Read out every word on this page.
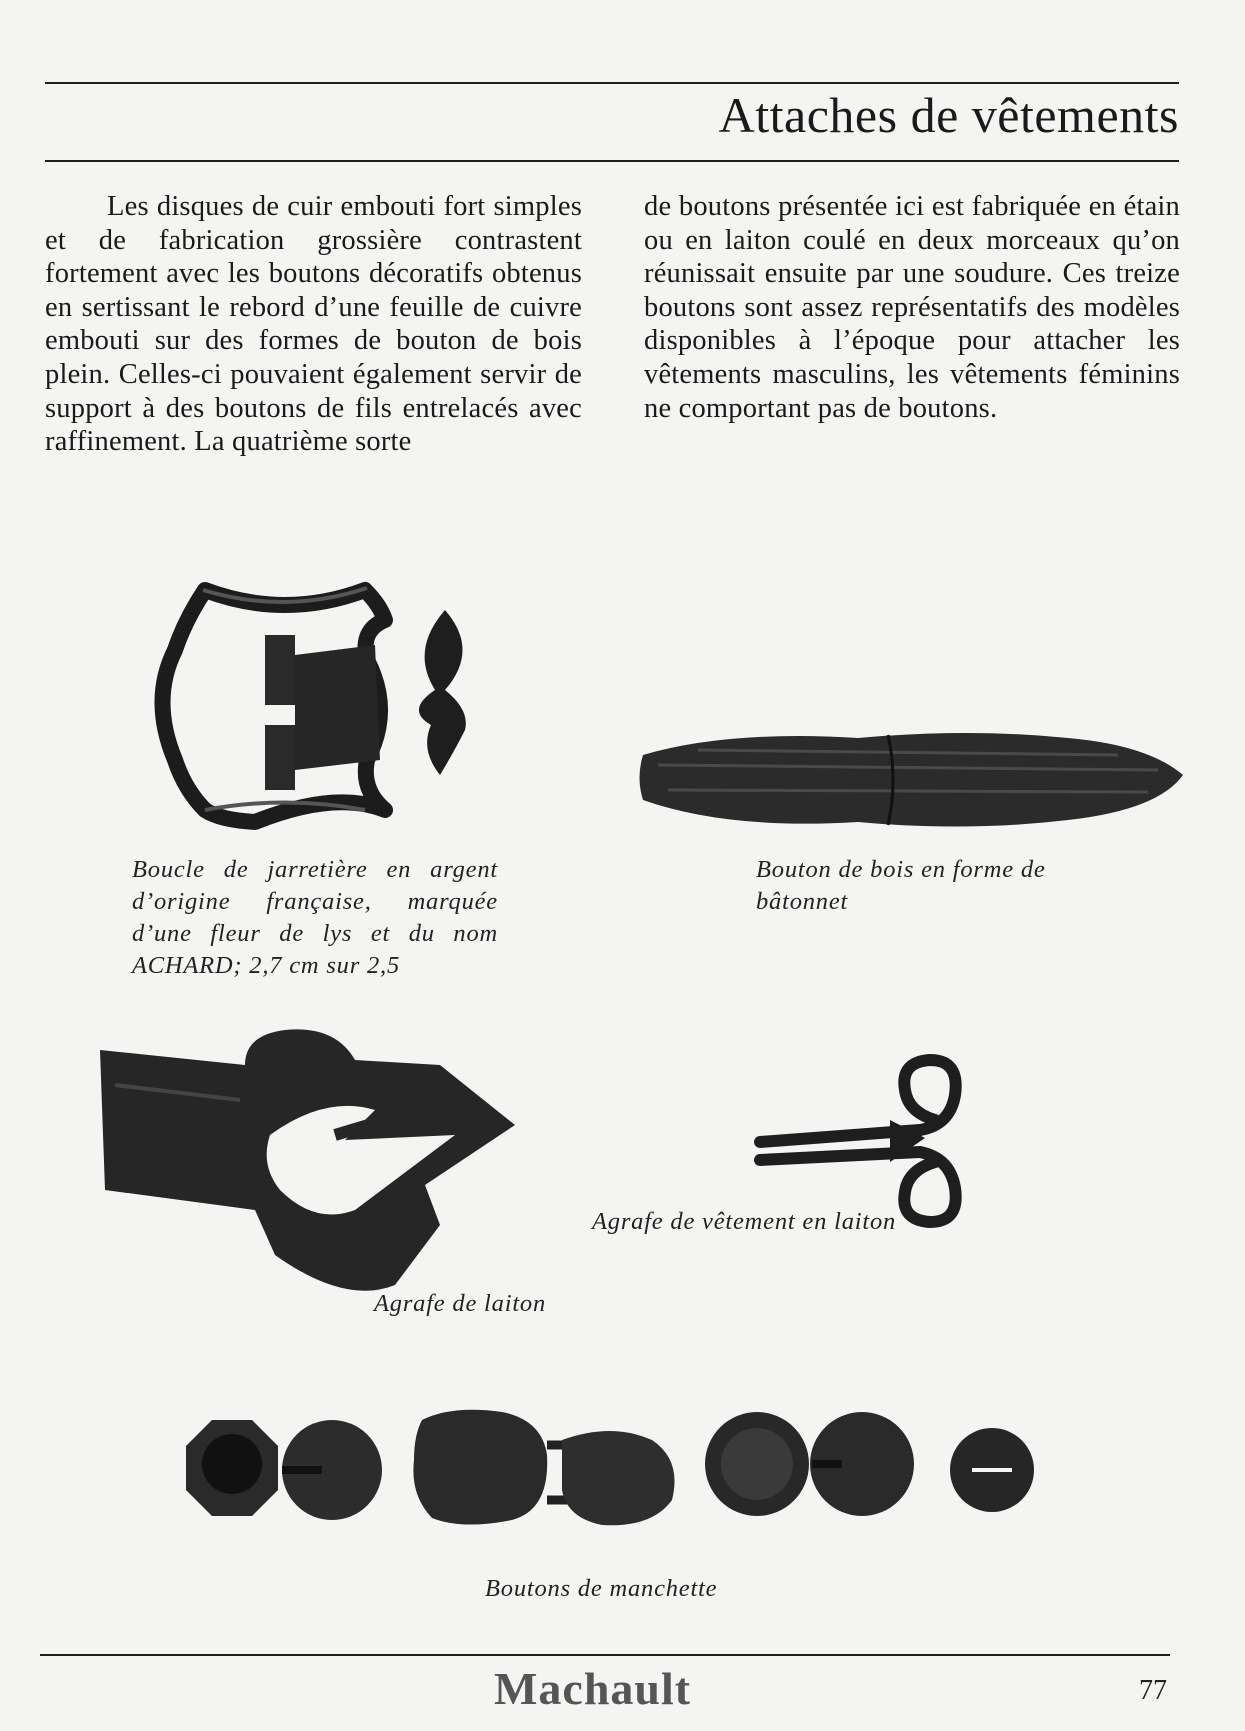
Attaches de vêtements

Les disques de cuir embouti fort simples et de fabrication grossière contrastent fortement avec les boutons décoratifs obtenus en sertissant le rebord d’une feuille de cuivre embouti sur des formes de bouton de bois plein. Celles-ci pouvaient également servir de support à des boutons de fils entrelacés avec raffinement. La quatrième sorte

de boutons présentée ici est fabriquée en étain ou en laiton coulé en deux morceaux qu’on réunissait ensuite par une soudure. Ces treize boutons sont assez représentatifs des modèles disponibles à l’époque pour attacher les vêtements masculins, les vêtements féminins ne comportant pas de boutons.

Boucle de jarretière en argent d’origine française, marquée d’une fleur de lys et du nom ACHARD; 2,7 cm sur 2,5

Bouton de bois en forme de bâtonnet

Agrafe de laiton

Agrafe de vêtement en laiton

Boutons de manchette

Machault	77
